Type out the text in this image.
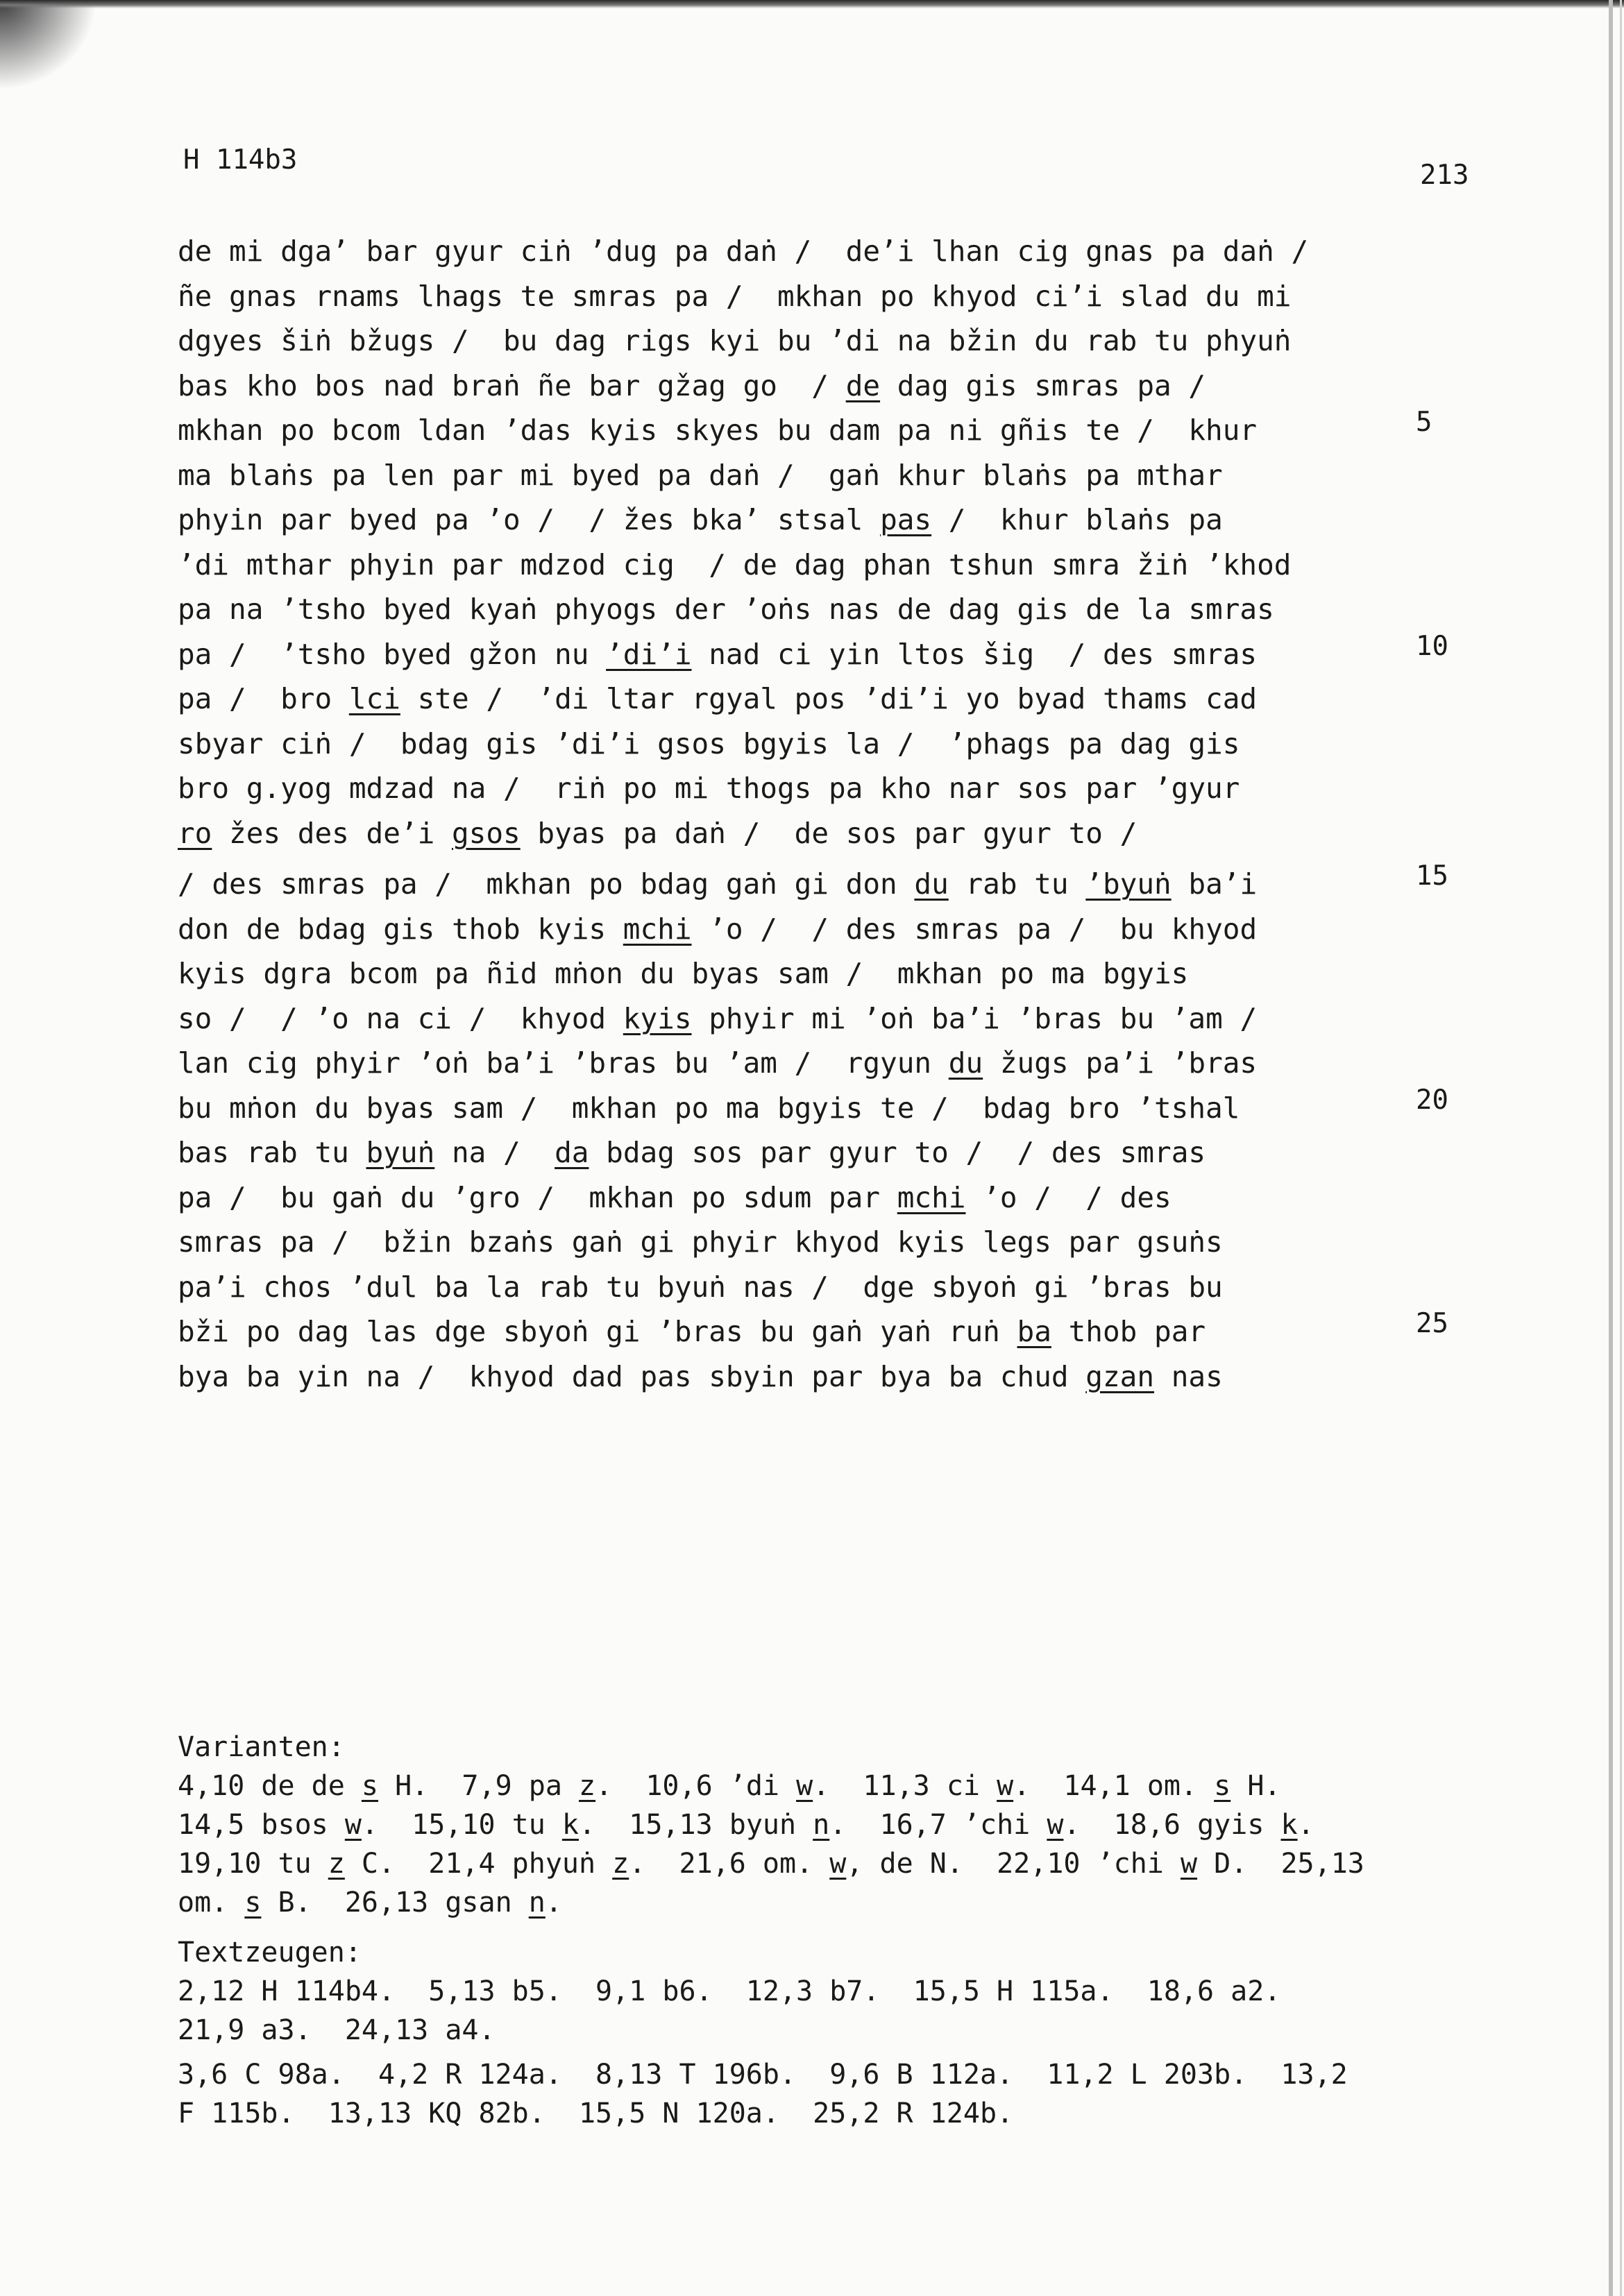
H 114b3	213
de mi dga’ bar gyur ciṅ ’dug pa daṅ /  de’i lhan cig gnas pa daṅ /
ñe gnas rnams lhags te smras pa /  mkhan po khyod ci’i slad du mi
dgyes šiṅ bžugs /  bu dag rigs kyi bu ’di na bžin du rab tu phyuṅ
bas kho bos nad braṅ ñe bar gžag go  / de dag gis smras pa /
mkhan po bcom ldan ’das kyis skyes bu dam pa ni gñis te /  khur
ma blaṅs pa len par mi byed pa daṅ /  gaṅ khur blaṅs pa mthar
phyin par byed pa ’o /  / žes bka’ stsal pas /  khur blaṅs pa
’di mthar phyin par mdzod cig  / de dag phan tshun smra žiṅ ’khod
pa na ’tsho byed kyaṅ phyogs der ’oṅs nas de dag gis de la smras
pa /  ’tsho byed gžon nu ’di’i nad ci yin ltos šig  / des smras
pa /  bro lci ste /  ’di ltar rgyal pos ’di’i yo byad thams cad
sbyar ciṅ /  bdag gis ’di’i gsos bgyis la /  ’phags pa dag gis
bro g.yog mdzad na /  riṅ po mi thogs pa kho nar sos par ’gyur
ro žes des de’i gsos byas pa daṅ /  de sos par gyur to /
/ des smras pa /  mkhan po bdag gaṅ gi don du rab tu ’byuṅ ba’i
don de bdag gis thob kyis mchi ’o /  / des smras pa /  bu khyod
kyis dgra bcom pa ñid mṅon du byas sam /  mkhan po ma bgyis
so /  / ’o na ci /  khyod kyis phyir mi ’oṅ ba’i ’bras bu ’am /
lan cig phyir ’oṅ ba’i ’bras bu ’am /  rgyun du žugs pa’i ’bras
bu mṅon du byas sam /  mkhan po ma bgyis te /  bdag bro ’tshal
bas rab tu byuṅ na /  da bdag sos par gyur to /  / des smras
pa /  bu gaṅ du ’gro /  mkhan po sdum par mchi ’o /  / des
smras pa /  bžin bzaṅs gaṅ gi phyir khyod kyis legs par gsuṅs
pa’i chos ’dul ba la rab tu byuṅ nas /  dge sbyoṅ gi ’bras bu
bži po dag las dge sbyoṅ gi ’bras bu gaṅ yaṅ ruṅ ba thob par
bya ba yin na /  khyod dad pas sbyin par bya ba chud gzan nas
5
10
15
20
25
Varianten:
4,10 de de s H.  7,9 pa z.  10,6 ’di w.  11,3 ci w.  14,1 om. s H.
14,5 bsos w.  15,10 tu k.  15,13 byuṅ n.  16,7 ’chi w.  18,6 gyis k.
19,10 tu z C.  21,4 phyuṅ z.  21,6 om. w, de N.  22,10 ’chi w D.  25,13
om. s B.  26,13 gsan n.
Textzeugen:
2,12 H 114b4.  5,13 b5.  9,1 b6.  12,3 b7.  15,5 H 115a.  18,6 a2.
21,9 a3.  24,13 a4.
3,6 C 98a.  4,2 R 124a.  8,13 T 196b.  9,6 B 112a.  11,2 L 203b.  13,2
F 115b.  13,13 KQ 82b.  15,5 N 120a.  25,2 R 124b.
